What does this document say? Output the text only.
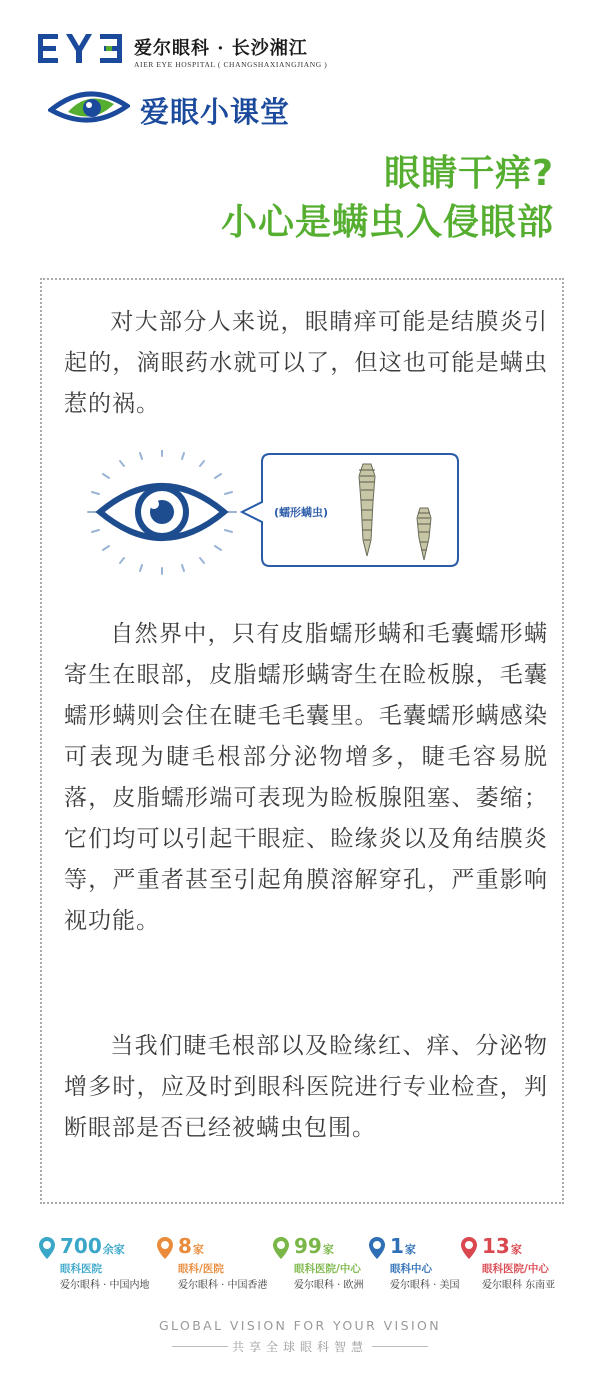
爱尔眼科 · 长沙湘江
AIER EYE HOSPITAL ( CHANGSHAXIANGJIANG )
爱眼小课堂
眼睛干痒?
小心是螨虫入侵眼部

对大部分人来说，眼睛痒可能是结膜炎引起的，滴眼药水就可以了，但这也可能是螨虫惹的祸。

(蠕形螨虫)

自然界中，只有皮脂蠕形螨和毛囊蠕形螨寄生在眼部，皮脂蠕形螨寄生在睑板腺，毛囊蠕形螨则会住在睫毛毛囊里。毛囊蠕形螨感染可表现为睫毛根部分泌物增多，睫毛容易脱落，皮脂蠕形端可表现为睑板腺阻塞、萎缩；它们均可以引起干眼症、睑缘炎以及角结膜炎等，严重者甚至引起角膜溶解穿孔，严重影响视功能。

当我们睫毛根部以及睑缘红、痒、分泌物增多时，应及时到眼科医院进行专业检查，判断眼部是否已经被螨虫包围。

700余家
眼科医院
爱尔眼科 · 中国内地
8家
眼科/医院
爱尔眼科 · 中国香港
99家
眼科医院/中心
爱尔眼科 · 欧洲
1家
眼科中心
爱尔眼科 · 美国
13家
眼科医院/中心
爱尔眼科 东南亚
GLOBAL VISION FOR YOUR VISION
共享全球眼科智慧
